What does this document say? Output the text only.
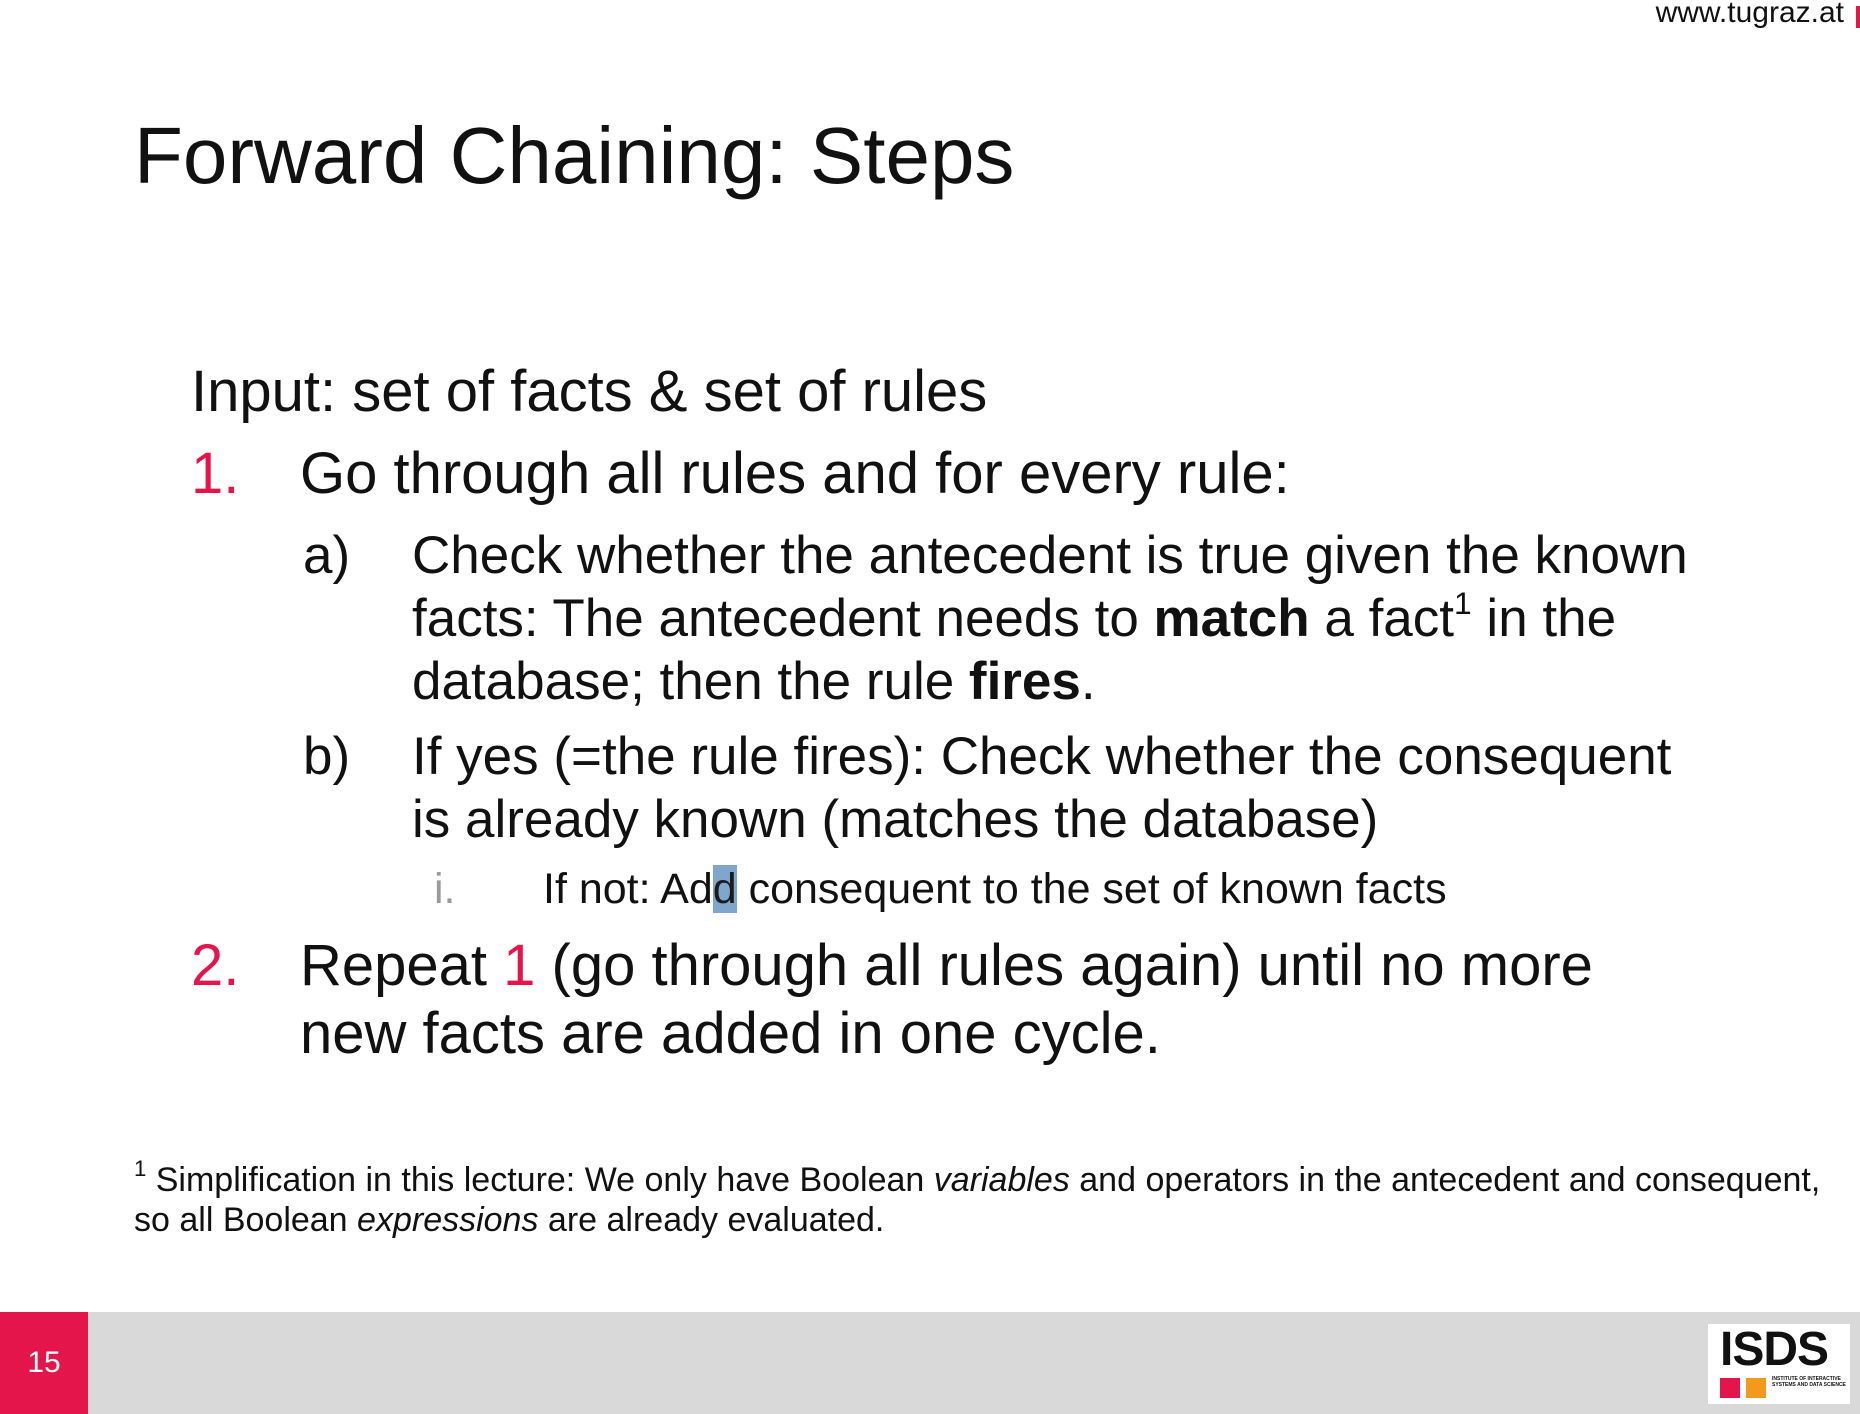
www.tugraz.at
Forward Chaining: Steps
Input: set of facts & set of rules
1. Go through all rules and for every rule:
a) Check whether the antecedent is true given the known
facts: The antecedent needs to match a fact$^1$ in the
database; then the rule fires.
b) If yes (=the rule fires): Check whether the consequent
is already known (matches the database)
i. If not: Add consequent to the set of known facts
2. Repeat 1 (go through all rules again) until no more
new facts are added in one cycle.
$^1$ Simplification in this lecture: We only have Boolean variables and operators in the antecedent and consequent, so all Boolean expressions are already evaluated.
15	ISDS
INSTITUTE OF INTERACTIVE SYSTEMS AND DATA SCIENCE
